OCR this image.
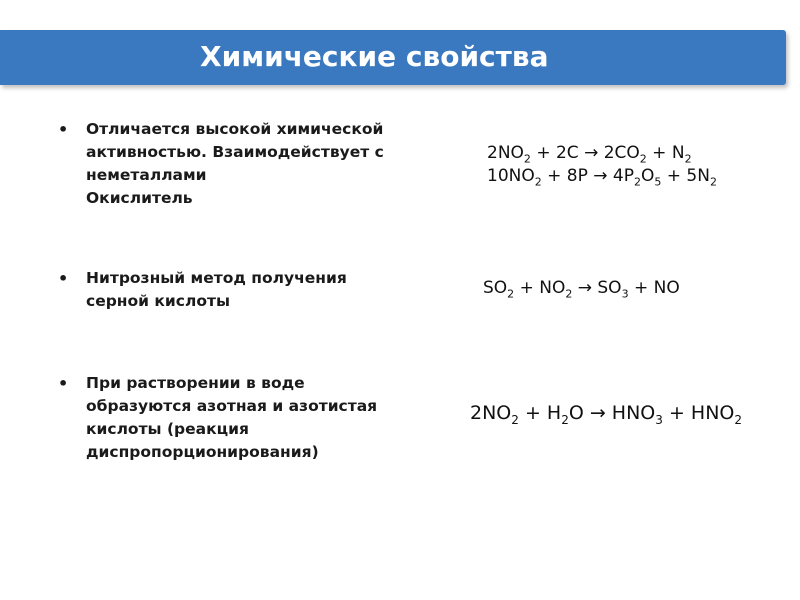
Химические свойства
•	Отличается высокой химической
активностью. Взаимодействует с
неметаллами
Окислитель
•	Нитрозный метод получения
серной кислоты
•	При растворении в воде
образуются азотная и азотистая
кислоты (реакция
диспропорционирования)
$2NO_2 + 2C \to 2CO_2 + N_2$
$10NO_2 + 8P \to 4P_2O_5 + 5N_2$
$SO_2 + NO_2 \to SO_3$ + NO
$2NO_2 + H_2O \to HNO_3 + HNO_2$
